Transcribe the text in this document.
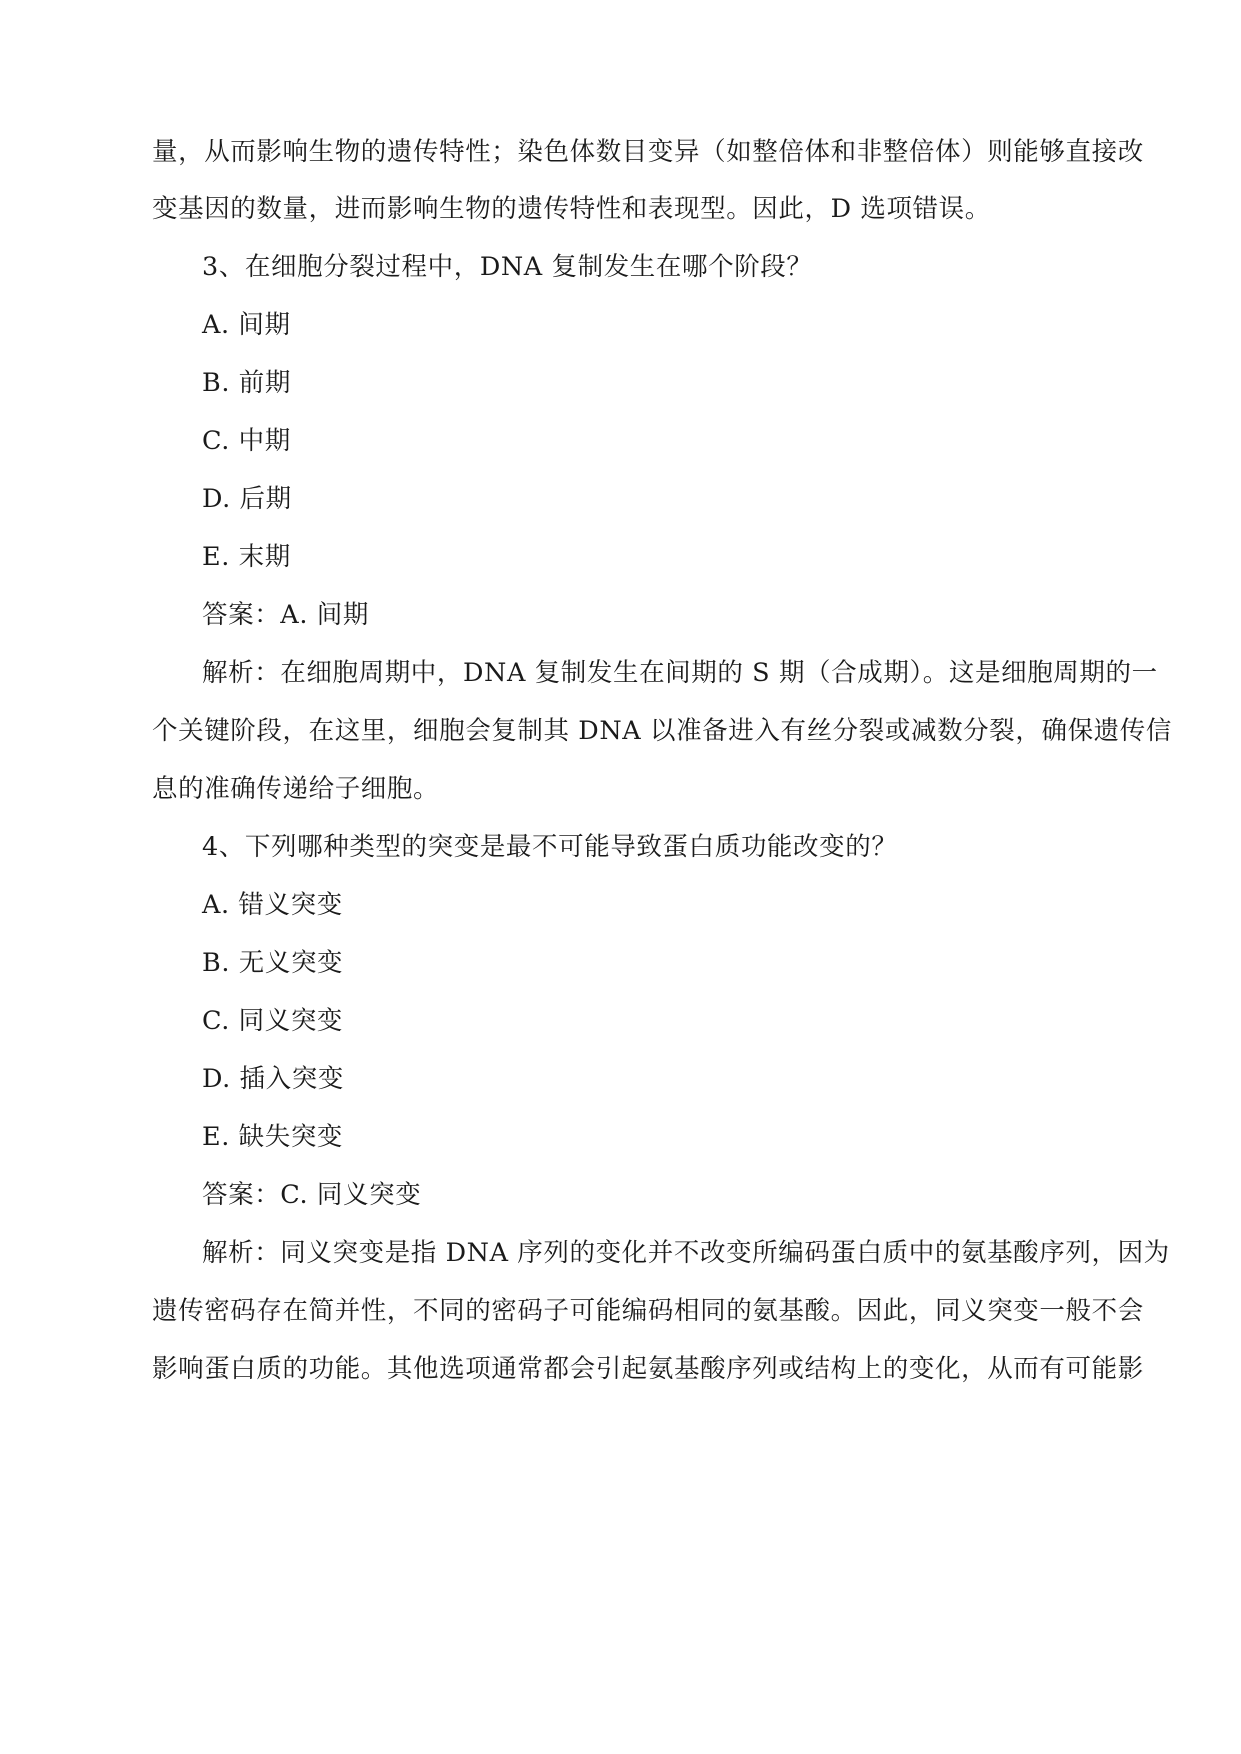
量，从而影响生物的遗传特性；染色体数目变异（如整倍体和非整倍体）则能够直接改
变基因的数量，进而影响生物的遗传特性和表现型。因此，D 选项错误。
3、在细胞分裂过程中，DNA 复制发生在哪个阶段？
A. 间期
B. 前期
C. 中期
D. 后期
E. 末期
答案：A. 间期
解析：在细胞周期中，DNA 复制发生在间期的 S 期（合成期）。这是细胞周期的一
个关键阶段，在这里，细胞会复制其 DNA 以准备进入有丝分裂或减数分裂，确保遗传信
息的准确传递给子细胞。
4、下列哪种类型的突变是最不可能导致蛋白质功能改变的？
A. 错义突变
B. 无义突变
C. 同义突变
D. 插入突变
E. 缺失突变
答案：C. 同义突变
解析：同义突变是指 DNA 序列的变化并不改变所编码蛋白质中的氨基酸序列，因为
遗传密码存在简并性，不同的密码子可能编码相同的氨基酸。因此，同义突变一般不会
影响蛋白质的功能。其他选项通常都会引起氨基酸序列或结构上的变化，从而有可能影
